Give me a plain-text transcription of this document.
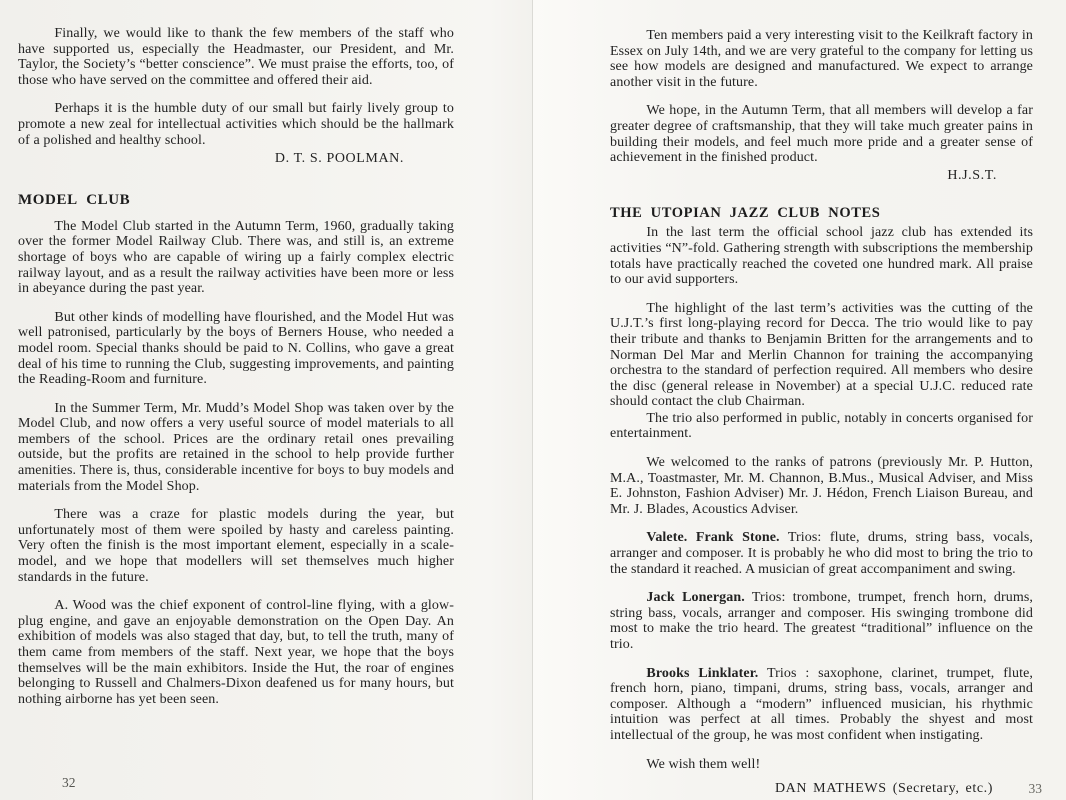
Finally, we would like to thank the few members of the staff who have supported us, especially the Headmaster, our President, and Mr. Taylor, the Society’s “better conscience”. We must praise the efforts, too, of those who have served on the committee and offered their aid.

Perhaps it is the humble duty of our small but fairly lively group to promote a new zeal for intellectual activities which should be the hallmark of a polished and healthy school.

D. T. S. POOLMAN.

MODEL CLUB

The Model Club started in the Autumn Term, 1960, gradually taking over the former Model Railway Club. There was, and still is, an extreme shortage of boys who are capable of wiring up a fairly complex electric railway layout, and as a result the railway activities have been more or less in abeyance during the past year.

But other kinds of modelling have flourished, and the Model Hut was well patronised, particularly by the boys of Berners House, who needed a model room. Special thanks should be paid to N. Collins, who gave a great deal of his time to running the Club, suggesting improvements, and painting the Reading-Room and furniture.

In the Summer Term, Mr. Mudd’s Model Shop was taken over by the Model Club, and now offers a very useful source of model materials to all members of the school. Prices are the ordinary retail ones prevailing outside, but the profits are retained in the school to help provide further amenities. There is, thus, considerable incentive for boys to buy models and materials from the Model Shop.

There was a craze for plastic models during the year, but unfortunately most of them were spoiled by hasty and careless painting. Very often the finish is the most important element, especially in a scale-model, and we hope that modellers will set themselves much higher standards in the future.

A. Wood was the chief exponent of control-line flying, with a glow-plug engine, and gave an enjoyable demonstration on the Open Day. An exhibition of models was also staged that day, but, to tell the truth, many of them came from members of the staff. Next year, we hope that the boys themselves will be the main exhibitors. Inside the Hut, the roar of engines belonging to Russell and Chalmers-Dixon deafened us for many hours, but nothing airborne has yet been seen.

32

Ten members paid a very interesting visit to the Keilkraft factory in Essex on July 14th, and we are very grateful to the company for letting us see how models are designed and manufactured. We expect to arrange another visit in the future.

We hope, in the Autumn Term, that all members will develop a far greater degree of craftsmanship, that they will take much greater pains in building their models, and feel much more pride and a greater sense of achievement in the finished product.

H.J.S.T.

THE UTOPIAN JAZZ CLUB NOTES

In the last term the official school jazz club has extended its activities “N”-fold. Gathering strength with subscriptions the membership totals have practically reached the coveted one hundred mark. All praise to our avid supporters.

The highlight of the last term’s activities was the cutting of the U.J.T.’s first long-playing record for Decca. The trio would like to pay their tribute and thanks to Benjamin Britten for the arrangements and to Norman Del Mar and Merlin Channon for training the accompanying orchestra to the standard of perfection required. All members who desire the disc (general release in November) at a special U.J.C. reduced rate should contact the club Chairman.

The trio also performed in public, notably in concerts organised for entertainment.

We welcomed to the ranks of patrons (previously Mr. P. Hutton, M.A., Toastmaster, Mr. M. Channon, B.Mus., Musical Adviser, and Miss E. Johnston, Fashion Adviser) Mr. J. Hédon, French Liaison Bureau, and Mr. J. Blades, Acoustics Adviser.

Valete. Frank Stone. Trios: flute, drums, string bass, vocals, arranger and composer. It is probably he who did most to bring the trio to the standard it reached. A musician of great accompaniment and swing.

Jack Lonergan. Trios: trombone, trumpet, french horn, drums, string bass, vocals, arranger and composer. His swinging trombone did most to make the trio heard. The greatest “traditional” influence on the trio.

Brooks Linklater. Trios : saxophone, clarinet, trumpet, flute, french horn, piano, timpani, drums, string bass, vocals, arranger and composer. Although a “modern” influenced musician, his rhythmic intuition was perfect at all times. Probably the shyest and most intellectual of the group, he was most confident when instigating.

We wish them well!

DAN MATHEWS (Secretary, etc.)	33
